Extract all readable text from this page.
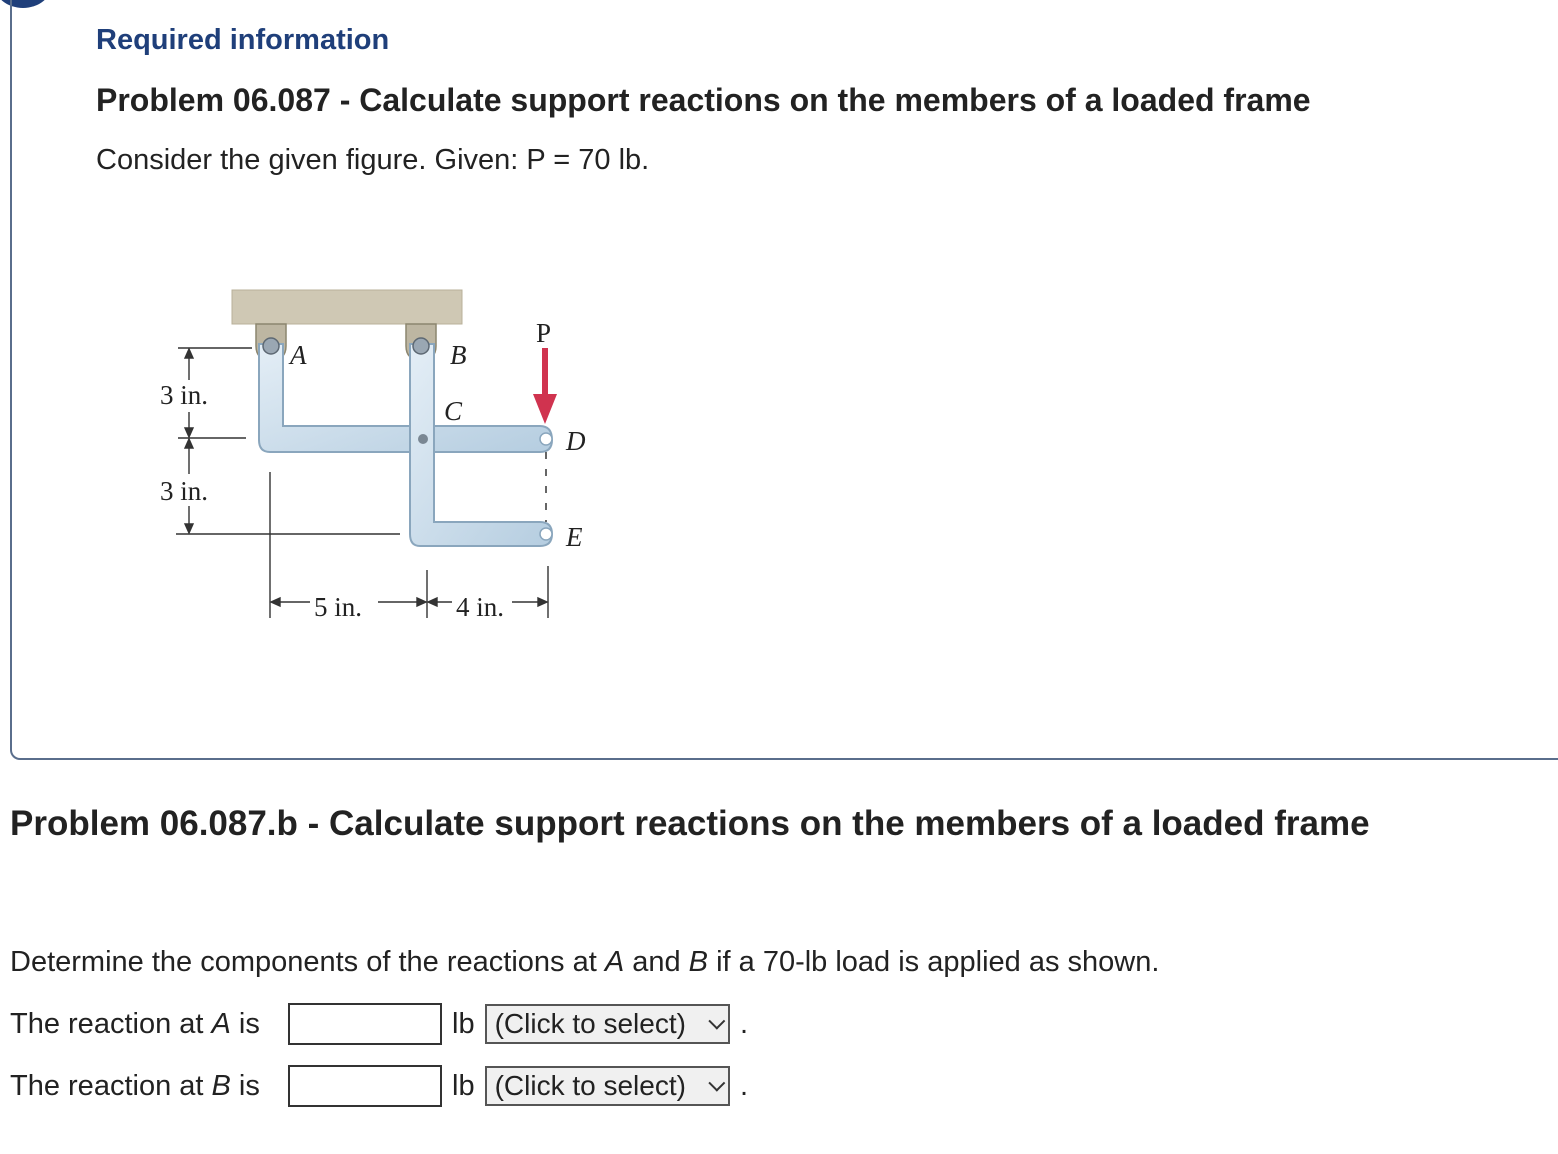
Required information
Problem 06.087 - Calculate support reactions on the members of a loaded frame
Consider the given figure. Given: P = 70 lb.
A	B
C
D
E
P
3 in.
3 in.
5 in.	4 in.
Problem 06.087.b - Calculate support reactions on the members of a loaded frame
Determine the components of the reactions at A and B if a 70-lb load is applied as shown.
The reaction at A is	lb (Click to select) .
The reaction at B is	lb (Click to select) .
